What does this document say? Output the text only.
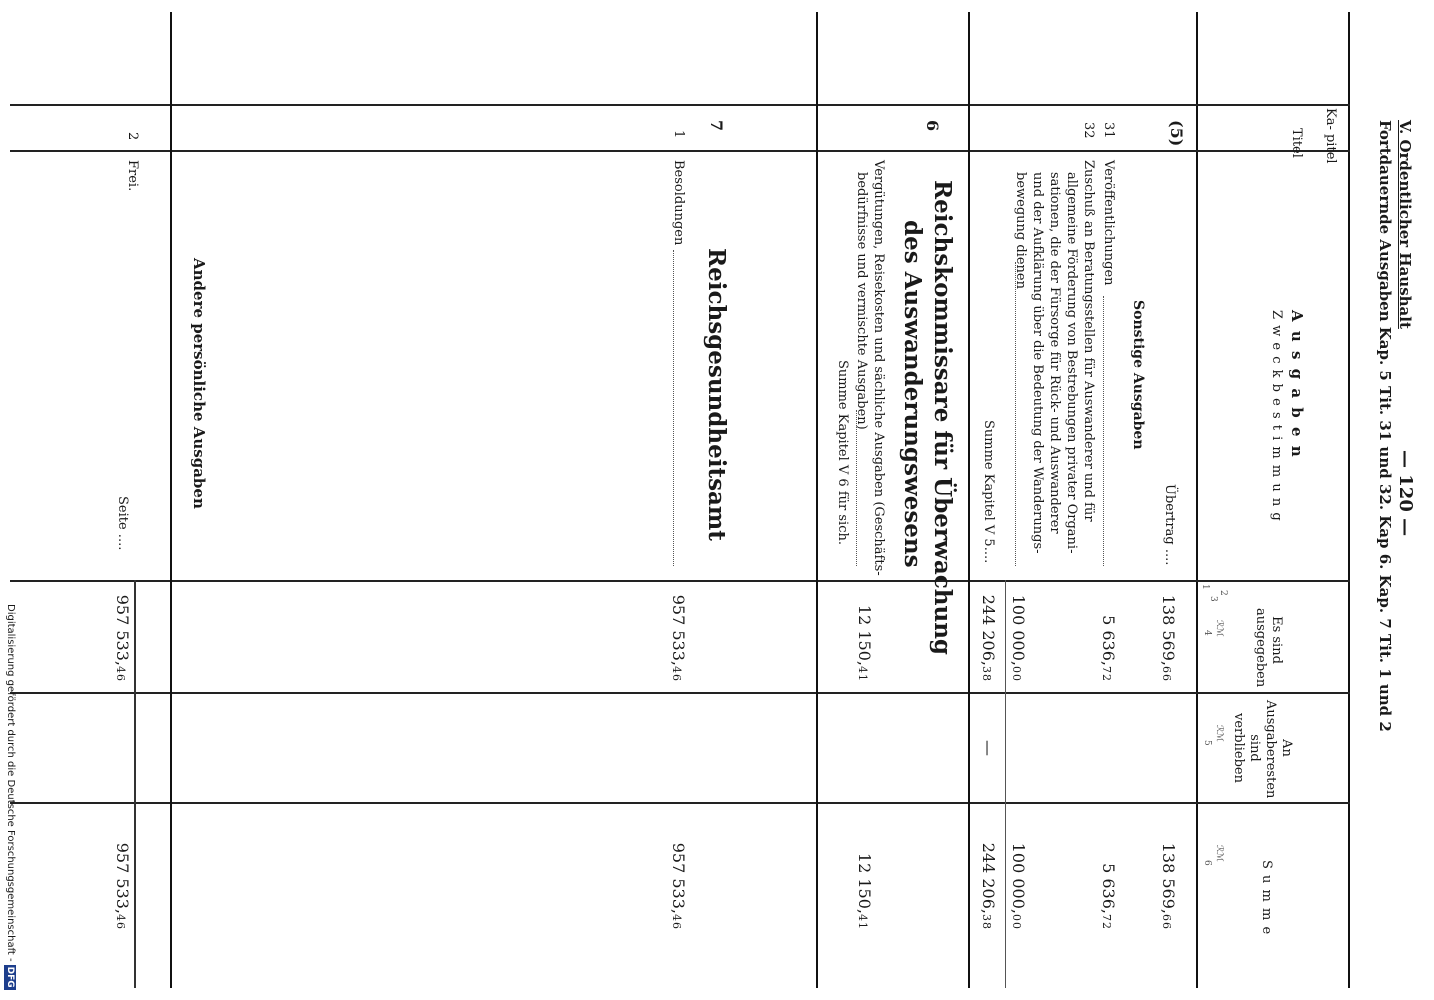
V. Ordentlicher Haushalt
Fortdauernde Ausgaben Kap. 5 Tit. 31 und 32. Kap 6. Kap. 7 Tit. 1 und 2 — 120 —
Ka- pitel
Titel
A u s g a b e n
Z w e c k b e s t i m m u n g
Es sind ausgegeben
An Ausgaberesten sind verblieben
S u m m e
ℛℳ
ℛℳ
ℛℳ
1
2
3
4
5
6
(5)
Übertrag ....
138 569,66
138 569,66
Sonstige Ausgaben
31
Veröffentlichungen
5 636,72
5 636,72
32
Zuschuß an Beratungsstellen für Auswanderer und für
allgemeine Förderung von Bestrebungen privater Organi-
sationen, die der Fürsorge für Rück- und Auswanderer
und der Aufklärung über die Bedeutung der Wanderungs-
bewegung dienen
100 000,00
100 000,00
Summe Kapitel V 5....
244 206,38
—
244 206,38
6
Reichskommissare für Überwachung
des Auswanderungswesens
Vergütungen, Reisekosten und sächliche Ausgaben (Geschäfts-
bedürfnisse und vermischte Ausgaben)
12 150,41
12 150,41
Summe Kapitel V 6 für sich.
7
Reichsgesundheitsamt
1
Besoldungen
957 533,46
957 533,46
Andere persönliche Ausgaben
2
Frei.
Seite ....
957 533,46
957 533,46
Digitalisierung gefördert durch die Deutsche Forschungsgemeinschaft -DFG
